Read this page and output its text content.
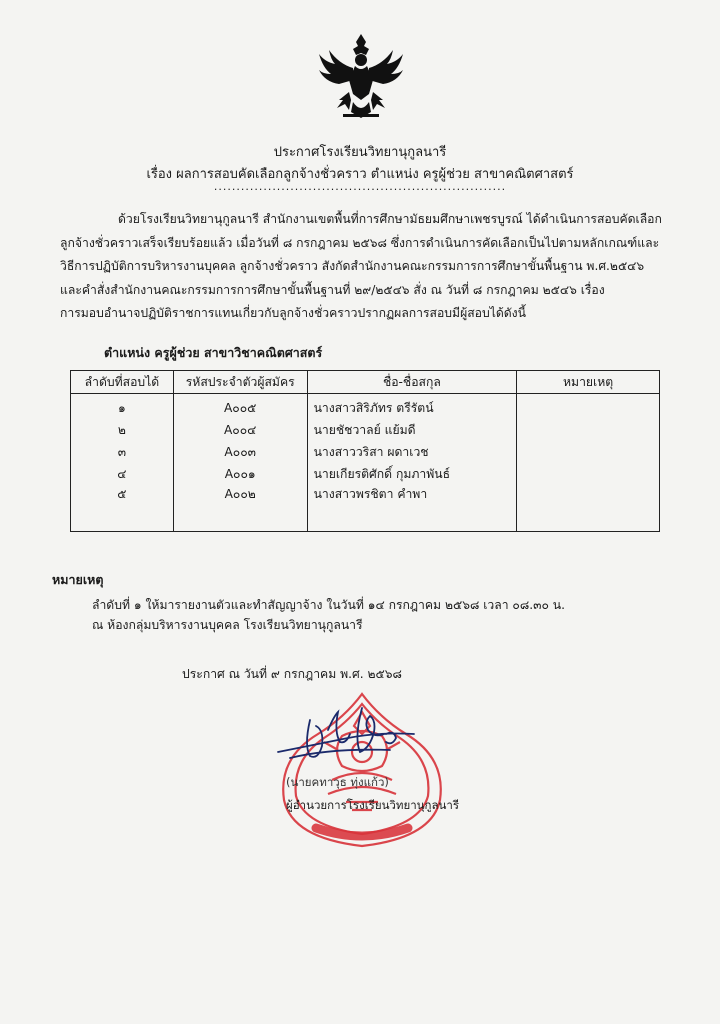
ประกาศโรงเรียนวิทยานุกูลนารี
เรื่อง ผลการสอบคัดเลือกลูกจ้างชั่วคราว ตำแหน่ง ครูผู้ช่วย สาขาคณิตศาสตร์
.................................................................
ด้วยโรงเรียนวิทยานุกูลนารี สำนักงานเขตพื้นที่การศึกษามัธยมศึกษาเพชรบูรณ์ ได้ดำเนินการสอบคัดเลือก
ลูกจ้างชั่วคราวเสร็จเรียบร้อยแล้ว เมื่อวันที่ ๘ กรกฎาคม ๒๕๖๘ ซึ่งการดำเนินการคัดเลือกเป็นไปตามหลักเกณฑ์และ
วิธีการปฏิบัติการบริหารงานบุคคล ลูกจ้างชั่วคราว สังกัดสำนักงานคณะกรรมการการศึกษาขั้นพื้นฐาน พ.ศ.๒๕๔๖
และคำสั่งสำนักงานคณะกรรมการการศึกษาขั้นพื้นฐานที่ ๒๙/๒๕๔๖ สั่ง ณ วันที่ ๘ กรกฎาคม ๒๕๔๖ เรื่อง
การมอบอำนาจปฏิบัติราชการแทนเกี่ยวกับลูกจ้างชั่วคราวปรากฏผลการสอบมีผู้สอบได้ดังนี้
ตำแหน่ง ครูผู้ช่วย สาขาวิชาคณิตศาสตร์
ลำดับที่สอบได้	รหัสประจำตัวผู้สมัคร	ชื่อ-ชื่อสกุล	หมายเหตุ
๑	A๐๐๕	นางสาวสิริภัทร ตรีรัตน์	
๒	A๐๐๔	นายชัชวาลย์ แย้มดี	
๓	A๐๐๓	นางสาววริสา ผดาเวช	
๔	A๐๐๑	นายเกียรติศักดิ์ กุมภาพันธ์	
๕	A๐๐๒	นางสาวพรชิตา คำพา	
หมายเหตุ
ลำดับที่ ๑ ให้มารายงานตัวและทำสัญญาจ้าง ในวันที่ ๑๔ กรกฎาคม ๒๕๖๘ เวลา ๐๘.๓๐ น.
ณ ห้องกลุ่มบริหารงานบุคคล โรงเรียนวิทยานุกูลนารี
ประกาศ ณ วันที่ ๙ กรกฎาคม พ.ศ. ๒๕๖๘
(นายคทาวุธ ทุ่งแก้ว)
ผู้อำนวยการโรงเรียนวิทยานุกูลนารี
